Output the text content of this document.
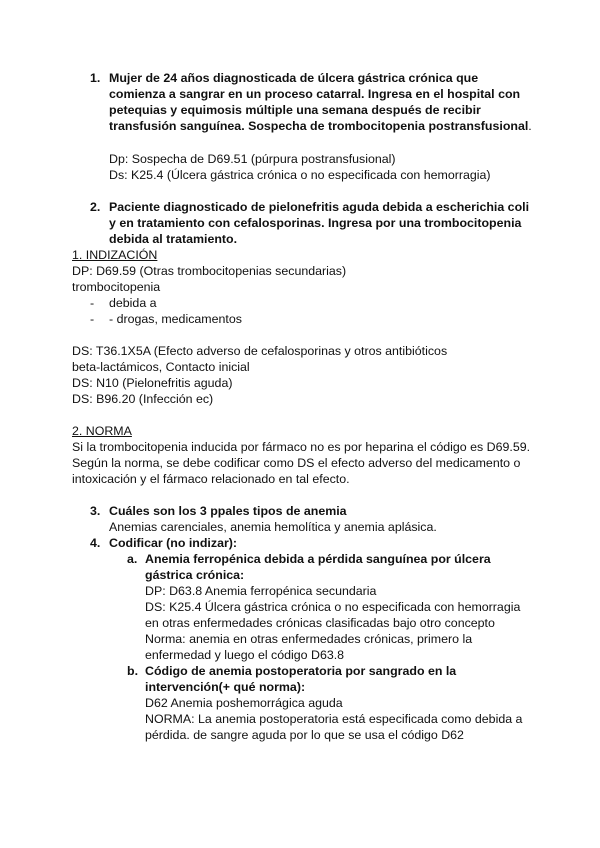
1. Mujer de 24 años diagnosticada de úlcera gástrica crónica que
comienza a sangrar en un proceso catarral. Ingresa en el hospital con
petequias y equimosis múltiple una semana después de recibir
transfusión sanguínea. Sospecha de trombocitopenia postransfusional.
Dp: Sospecha de D69.51 (púrpura postransfusional)
Ds: K25.4 (Úlcera gástrica crónica o no especificada con hemorragia)
2. Paciente diagnosticado de pielonefritis aguda debida a escherichia coli
y en tratamiento con cefalosporinas. Ingresa por una trombocitopenia
debida al tratamiento.
1. INDIZACIÓN
DP: D69.59 (Otras trombocitopenias secundarias)
trombocitopenia
- debida a
- - drogas, medicamentos
DS: T36.1X5A (Efecto adverso de cefalosporinas y otros antibióticos
beta-lactámicos, Contacto inicial
DS: N10 (Pielonefritis aguda)
DS: B96.20 (Infección ec)
2. NORMA
Si la trombocitopenia inducida por fármaco no es por heparina el código es D69.59.
Según la norma, se debe codificar como DS el efecto adverso del medicamento o
intoxicación y el fármaco relacionado en tal efecto.
3. Cuáles son los 3 ppales tipos de anemia
Anemias carenciales, anemia hemolítica y anemia aplásica.
4. Codificar (no indizar):
a. Anemia ferropénica debida a pérdida sanguínea por úlcera
gástrica crónica:
DP: D63.8 Anemia ferropénica secundaria
DS: K25.4 Úlcera gástrica crónica o no especificada con hemorragia
en otras enfermedades crónicas clasificadas bajo otro concepto
Norma: anemia en otras enfermedades crónicas, primero la
enfermedad y luego el código D63.8
b. Código de anemia postoperatoria por sangrado en la
intervención(+ qué norma):
D62 Anemia poshemorrágica aguda
NORMA: La anemia postoperatoria está especificada como debida a
pérdida. de sangre aguda por lo que se usa el código D62
